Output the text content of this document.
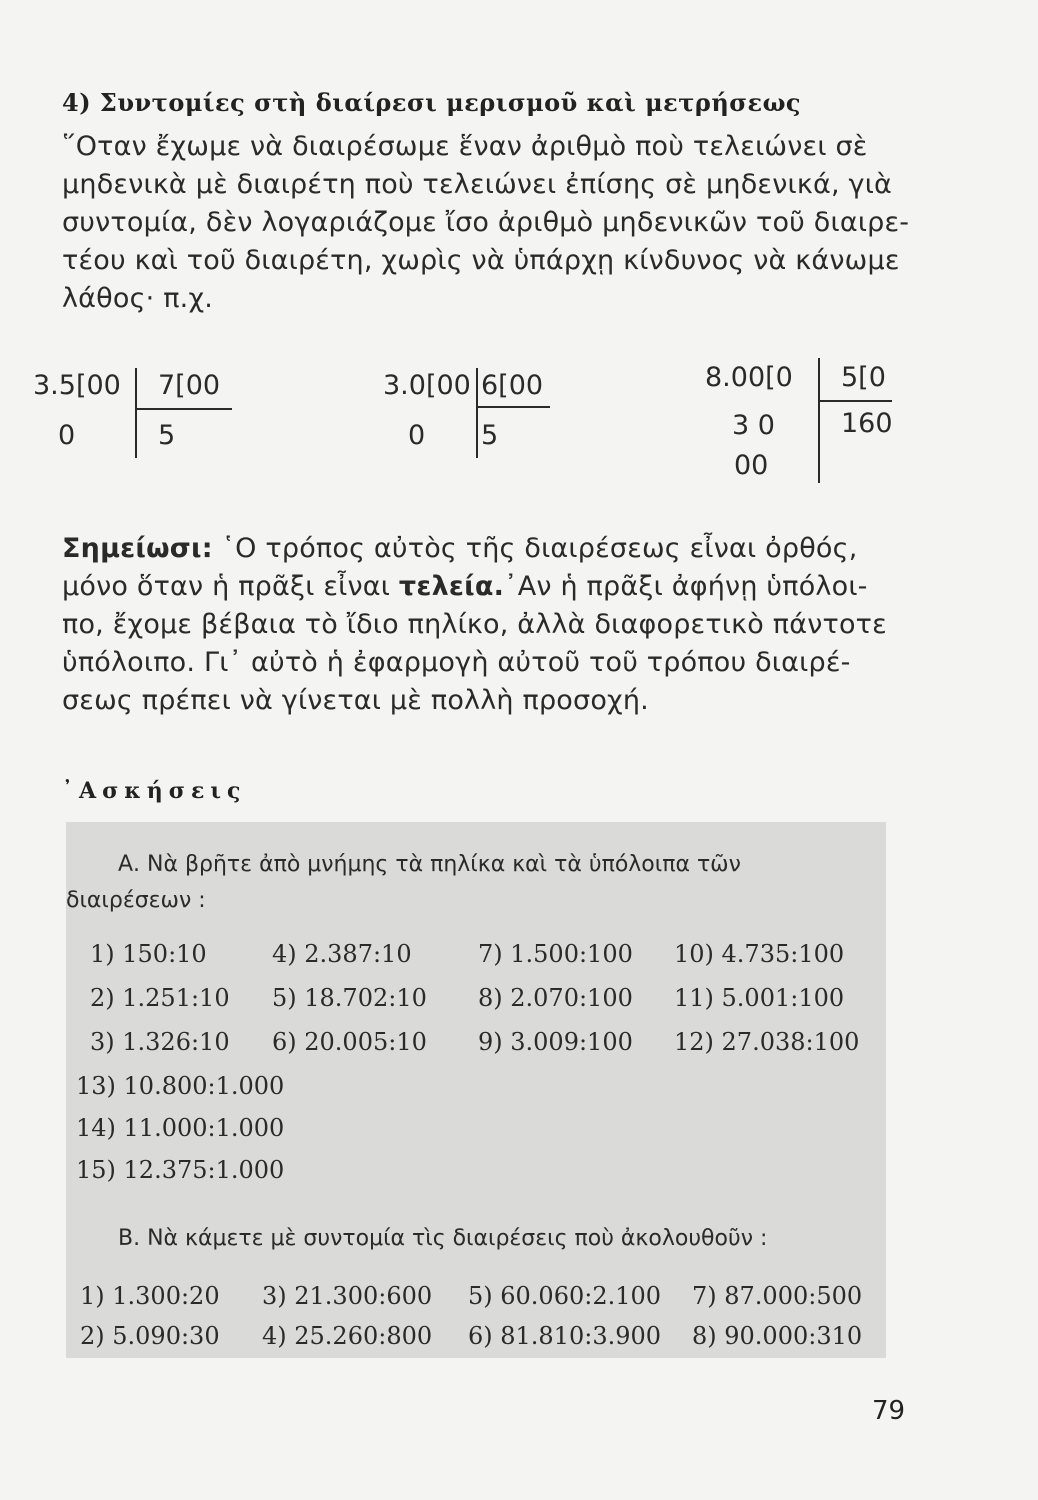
4) Συντομίες στὴ διαίρεσι μερισμοῦ καὶ μετρήσεως
῞Οταν ἔχωμε νὰ διαιρέσωμε ἕναν ἀριθμὸ ποὺ τελειώνει σὲ
μηδενικὰ μὲ διαιρέτη ποὺ τελειώνει ἐπίσης σὲ μηδενικά, γιὰ
συντομία, δὲν λογαριάζομε ἴσο ἀριθμὸ μηδενικῶν τοῦ διαιρε-
τέου καὶ τοῦ διαιρέτη, χωρὶς νὰ ὑπάρχῃ κίνδυνος νὰ κάνωμε
λάθος· π.χ.
3.5[00
0
7[00
5
3.0[00
0
6[00
5
8.00[0
3 0
00
5[0
160
Σημείωσι: ῾Ο τρόπος αὐτὸς τῆς διαιρέσεως εἶναι ὀρθός,
μόνο ὅταν ἡ πρᾶξι εἶναι τελεία.᾿Αν ἡ πρᾶξι ἀφήνῃ ὑπόλοι-
πο, ἔχομε βέβαια τὸ ἴδιο πηλίκο, ἀλλὰ διαφορετικὸ πάντοτε
ὑπόλοιπο. Γι᾿ αὐτὸ ἡ ἐφαρμογὴ αὐτοῦ τοῦ τρόπου διαιρέ-
σεως πρέπει νὰ γίνεται μὲ πολλὴ προσοχή.
᾿Ασκήσεις
Α. Νὰ βρῆτε ἀπὸ μνήμης τὰ πηλίκα καὶ τὰ ὑπόλοιπα τῶν
διαιρέσεων :
1) 150:10	4) 2.387:10	7) 1.500:100 10) 4.735:100
2) 1.251:10 5) 18.702:10 8) 2.070:100 11) 5.001:100
3) 1.326:10 6) 20.005:10 9) 3.009:100 12) 27.038:100
13) 10.800:1.000
14) 11.000:1.000
15) 12.375:1.000
Β. Νὰ κάμετε μὲ συντομία τὶς διαιρέσεις ποὺ ἀκολουθοῦν :
1) 1.300:20 3) 21.300:600 5) 60.060:2.100 7) 87.000:500
2) 5.090:30 4) 25.260:800 6) 81.810:3.900 8) 90.000:310
79
